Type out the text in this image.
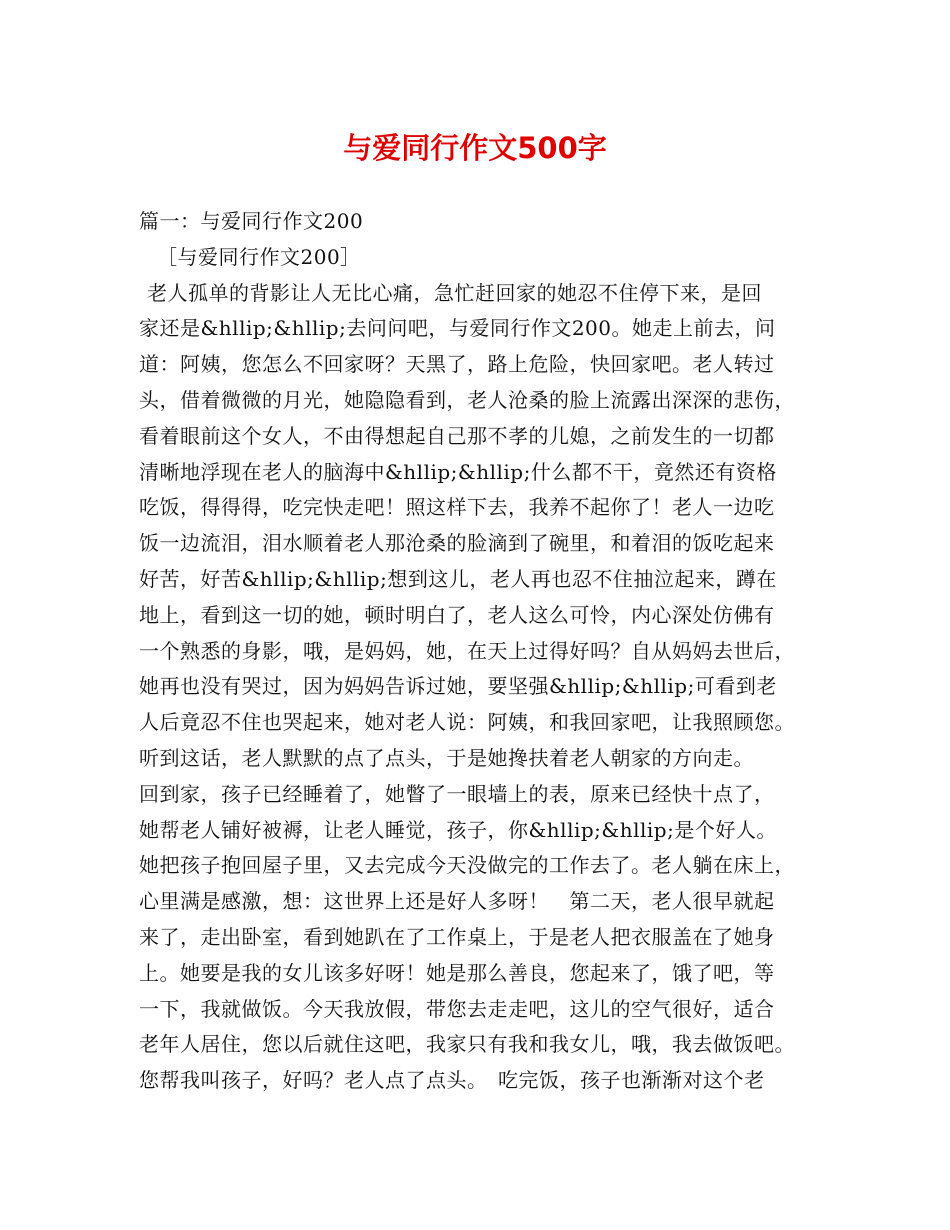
与爱同行作文500字
篇一：与爱同行作文200
［与爱同行作文200］
老人孤单的背影让人无比心痛，急忙赶回家的她忍不住停下来，是回
家还是&hllip;&hllip;去问问吧，与爱同行作文200。她走上前去，问
道：阿姨，您怎么不回家呀？天黑了，路上危险，快回家吧。老人转过
头，借着微微的月光，她隐隐看到，老人沧桑的脸上流露出深深的悲伤，
看着眼前这个女人，不由得想起自己那不孝的儿媳，之前发生的一切都
清晰地浮现在老人的脑海中&hllip;&hllip;什么都不干，竟然还有资格
吃饭，得得得，吃完快走吧！照这样下去，我养不起你了！老人一边吃
饭一边流泪，泪水顺着老人那沧桑的脸滴到了碗里，和着泪的饭吃起来
好苦，好苦&hllip;&hllip;想到这儿，老人再也忍不住抽泣起来，蹲在
地上，看到这一切的她，顿时明白了，老人这么可怜，内心深处仿佛有
一个熟悉的身影，哦，是妈妈，她，在天上过得好吗？自从妈妈去世后，
她再也没有哭过，因为妈妈告诉过她，要坚强&hllip;&hllip;可看到老
人后竟忍不住也哭起来，她对老人说：阿姨，和我回家吧，让我照顾您。
听到这话，老人默默的点了点头，于是她搀扶着老人朝家的方向走。
回到家，孩子已经睡着了，她瞥了一眼墙上的表，原来已经快十点了，
她帮老人铺好被褥，让老人睡觉，孩子，你&hllip;&hllip;是个好人。
她把孩子抱回屋子里，又去完成今天没做完的工作去了。老人躺在床上，
心里满是感激，想：这世界上还是好人多呀！　第二天，老人很早就起
来了，走出卧室，看到她趴在了工作桌上，于是老人把衣服盖在了她身
上。她要是我的女儿该多好呀！她是那么善良，您起来了，饿了吧，等
一下，我就做饭。今天我放假，带您去走走吧，这儿的空气很好，适合
老年人居住，您以后就住这吧，我家只有我和我女儿，哦，我去做饭吧。
您帮我叫孩子，好吗？老人点了点头。　吃完饭，孩子也渐渐对这个老
